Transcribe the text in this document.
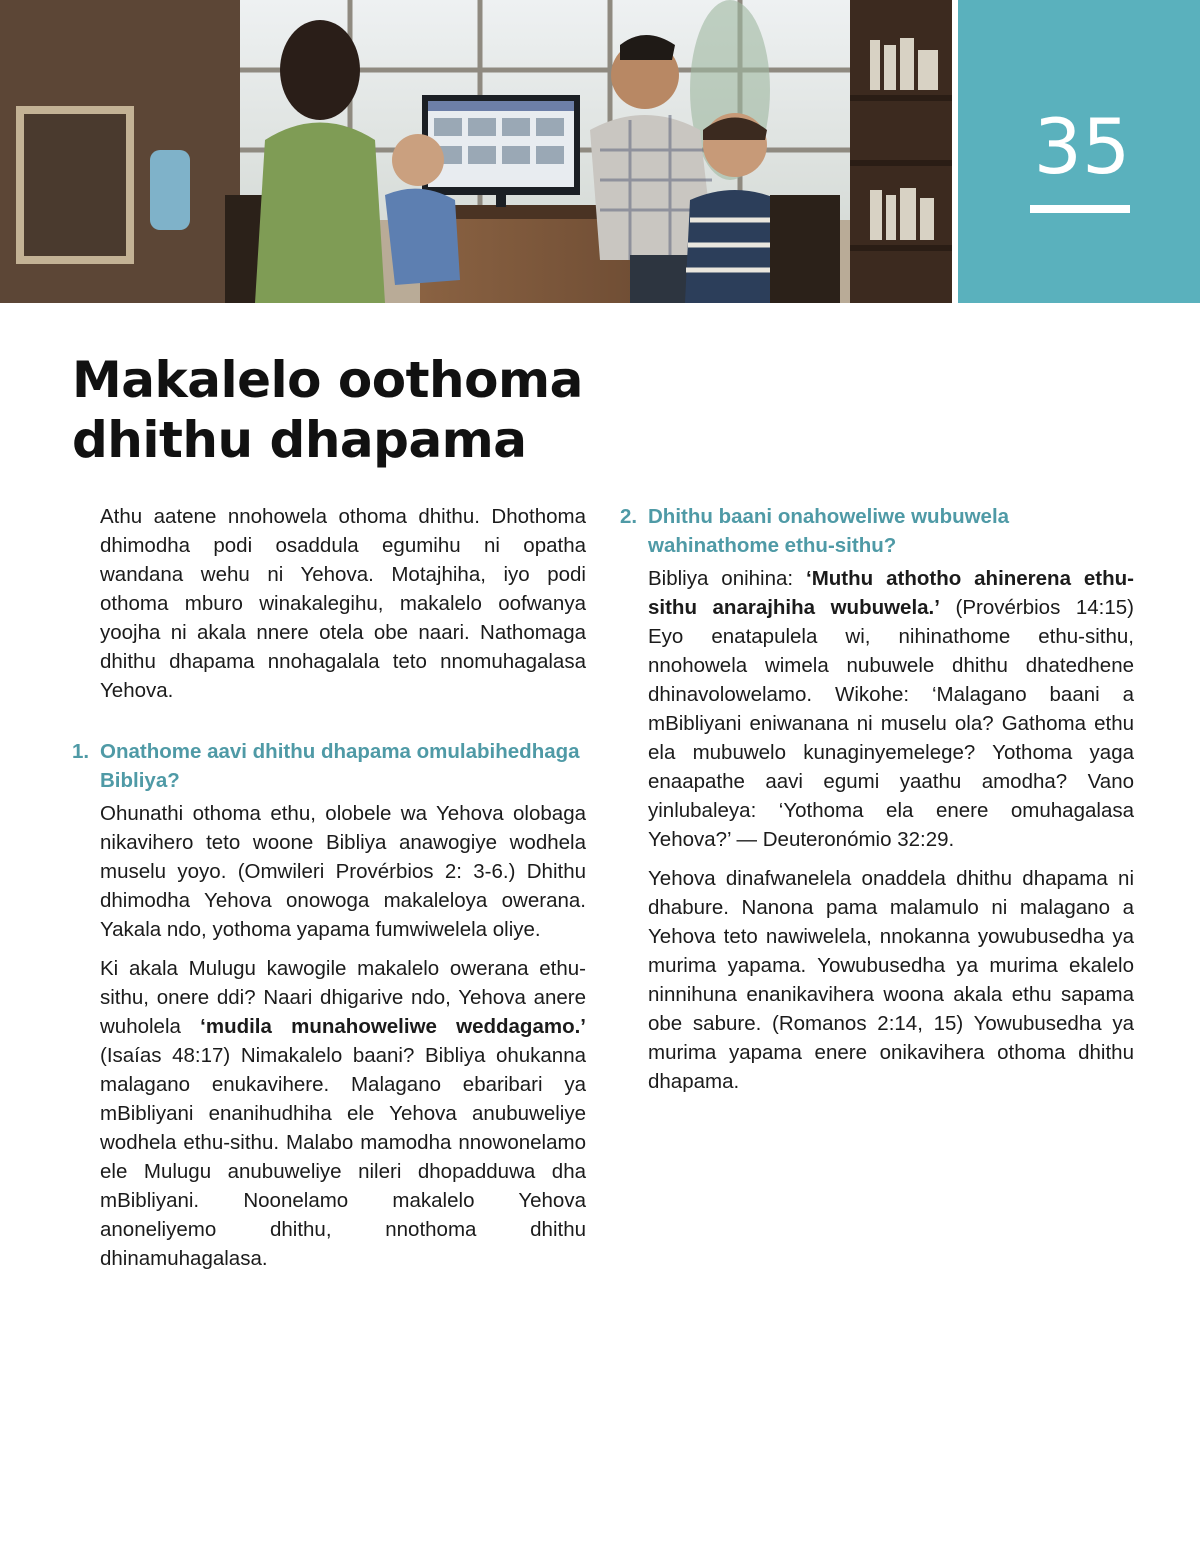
35
Makalelo oothoma
dhithu dhapama

Athu aatene nnohowela othoma dhithu. Dhothoma dhimodha podi osaddula egumihu ni opatha wandana wehu ni Yehova. Motajhiha, iyo podi othoma mburo winakalegihu, makalelo oofwanya yoojha ni akala nnere otela obe naari. Nathomaga dhithu dhapama nnohagalala teto nnomuhagalasa Yehova.

1. Onathome aavi dhithu dhapama omulabihedhaga Bibliya?

Ohunathi othoma ethu, olobele wa Yehova olobaga nikavihero teto woone Bibliya anawogiye wodhela muselu yoyo. (Omwileri Provérbios 2: 3-6.) Dhithu dhimodha Yehova onowoga makaleloya owerana. Yakala ndo, yothoma yapama fumwiwelela oliye.

Ki akala Mulugu kawogile makalelo owerana ethu-sithu, onere ddi? Naari dhigarive ndo, Yehova anere wuholela ‘mudila munahoweliwe weddagamo.’ (Isaías 48:17) Nimakalelo baani? Bibliya ohukanna malagano enukavihere. Malagano ebaribari ya mBibliyani enanihudhiha ele Yehova anubuweliye wodhela ethu-sithu. Malabo mamodha nnowonelamo ele Mulugu anubuweliye nileri dhopadduwa dha mBibliyani. Noonelamo makalelo Yehova anoneliyemo dhithu, nnothoma dhithu dhinamuhagalasa.

2. Dhithu baani onahoweliwe wubuwela wahinathome ethu-sithu?

Bibliya onihina: ‘Muthu athotho ahinerena ethu-sithu anarajhiha wubuwela.’ (Provérbios 14:15) Eyo enatapulela wi, nihinathome ethu-sithu, nnohowela wimela nubuwele dhithu dhatedhene dhinavolowelamo. Wikohe: ‘Malagano baani a mBibliyani eniwanana ni muselu ola? Gathoma ethu ela mubuwelo kunaginyemelege? Yothoma yaga enaapathe aavi egumi yaathu amodha? Vano yinlubaleya: ‘Yothoma ela enere omuhagalasa Yehova?’ — Deuteronómio 32:29.

Yehova dinafwanelela onaddela dhithu dhapama ni dhabure. Nanona pama malamulo ni malagano a Yehova teto nawiwelela, nnokanna yowubusedha ya murima yapama. Yowubusedha ya murima ekalelo ninnihuna enanikavihera woona akala ethu sapama obe sabure. (Romanos 2:14, 15) Yowubusedha ya murima yapama enere onikavihera othoma dhithu dhapama.
